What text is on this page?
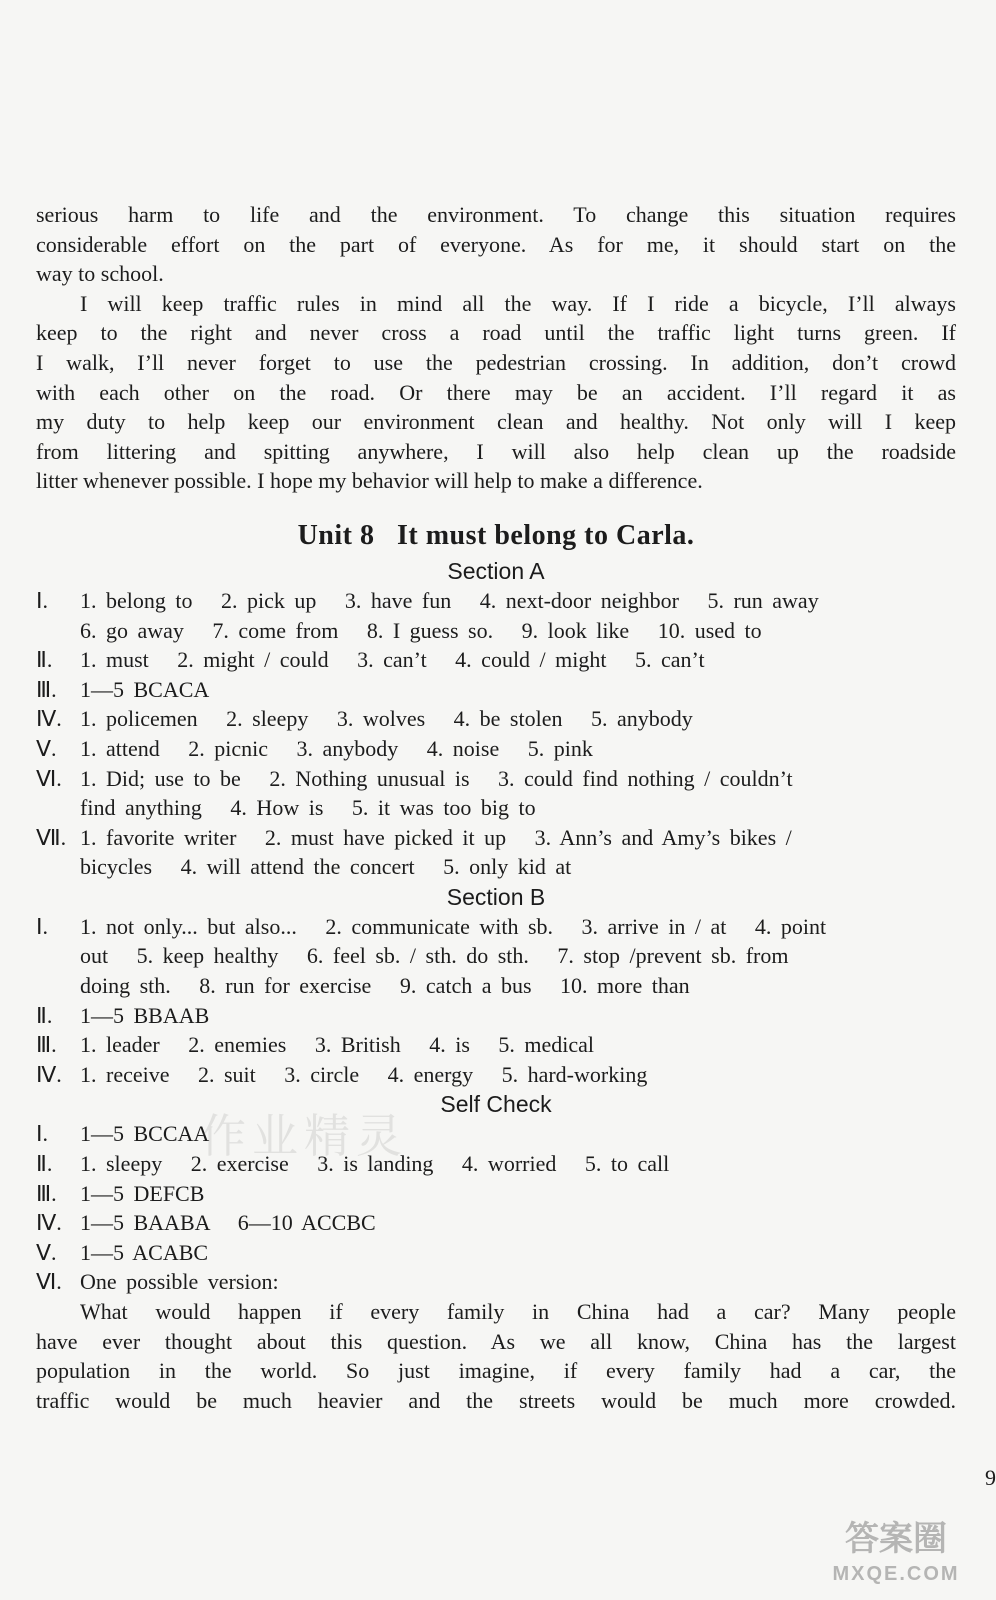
serious harm to life and the environment. To change this situation requires
considerable effort on the part of everyone. As for me, it should start on the
way to school.

I will keep traffic rules in mind all the way. If I ride a bicycle, I’ll always
keep to the right and never cross a road until the traffic light turns green. If
I walk, I’ll never forget to use the pedestrian crossing. In addition, don’t crowd
with each other on the road. Or there may be an accident. I’ll regard it as
my duty to help keep our environment clean and healthy. Not only will I keep
from littering and spitting anywhere, I will also help clean up the roadside
litter whenever possible. I hope my behavior will help to make a difference.

Unit 8   It must belong to Carla.
Section A
Ⅰ.	1. belong to   2. pick up   3. have fun   4. next-door neighbor   5. run away
6. go away   7. come from   8. I guess so.   9. look like   10. used to
Ⅱ.	1. must   2. might / could   3. can’t   4. could / might   5. can’t
Ⅲ.	1—5 BCACA
Ⅳ. 1. policemen   2. sleepy   3. wolves   4. be stolen   5. anybody
Ⅴ.	1. attend   2. picnic   3. anybody   4. noise   5. pink
Ⅵ. 1. Did; use to be   2. Nothing unusual is   3. could find nothing / couldn’t
find anything   4. How is   5. it was too big to
Ⅶ. 1. favorite writer   2. must have picked it up   3. Ann’s and Amy’s bikes /
bicycles   4. will attend the concert   5. only kid at
Section B
Ⅰ.	1. not only... but also...   2. communicate with sb.   3. arrive in / at   4. point
out   5. keep healthy   6. feel sb. / sth. do sth.   7. stop /prevent sb. from
doing sth.   8. run for exercise   9. catch a bus   10. more than
Ⅱ.	1—5 BBAAB
Ⅲ.	1. leader   2. enemies   3. British   4. is   5. medical
Ⅳ. 1. receive   2. suit   3. circle   4. energy   5. hard-working
Self Check
Ⅰ.	1—5 BCCAA
Ⅱ.	1. sleepy   2. exercise   3. is landing   4. worried   5. to call
Ⅲ.	1—5 DEFCB
Ⅳ. 1—5 BAABA   6—10 ACCBC
Ⅴ.	1—5 ACABC
Ⅵ. One possible version:

What would happen if every family in China had a car? Many people
have ever thought about this question. As we all know, China has the largest
population in the world. So just imagine, if every family had a car, the
traffic would be much heavier and the streets would be much more crowded.

作业精灵
9
答案圈
MXQE.COM
